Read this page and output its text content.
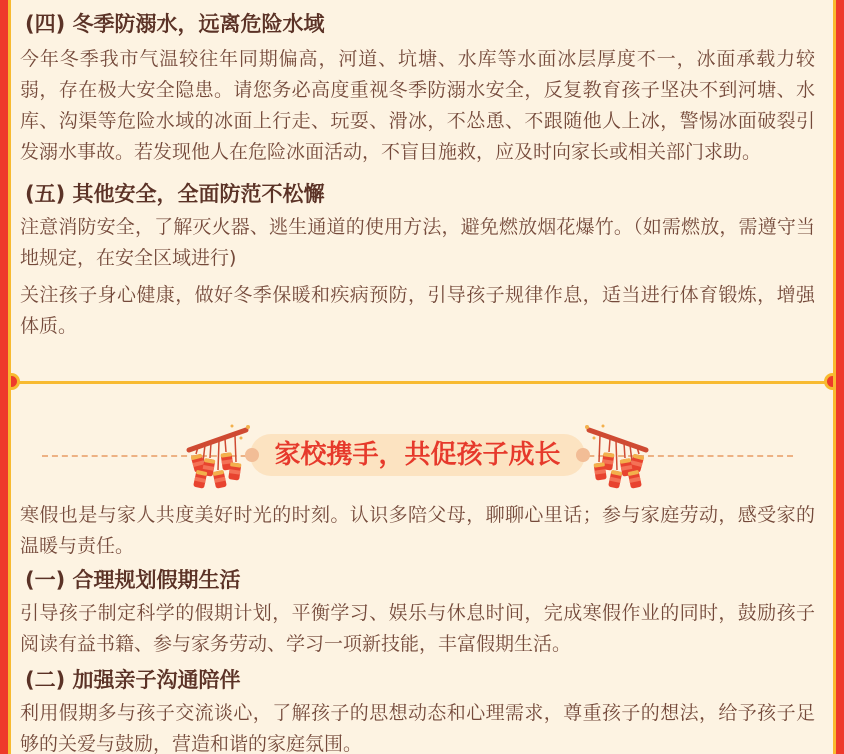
(四) 冬季防溺水，远离危险水域

今年冬季我市气温较往年同期偏高，河道、坑塘、水库等水面冰层厚度不一，冰面承载力较弱，存在极大安全隐患。请您务必高度重视冬季防溺水安全，反复教育孩子坚决不到河塘、水库、沟渠等危险水域的冰面上行走、玩耍、滑冰，不怂恿、不跟随他人上冰，警惕冰面破裂引发溺水事故。若发现他人在危险冰面活动，不盲目施救，应及时向家长或相关部门求助。

(五) 其他安全，全面防范不松懈

注意消防安全，了解灭火器、逃生通道的使用方法，避免燃放烟花爆竹。（如需燃放，需遵守当地规定，在安全区域进行)

关注孩子身心健康，做好冬季保暖和疾病预防，引导孩子规律作息，适当进行体育锻炼，增强体质。

家校携手，共促孩子成长

寒假也是与家人共度美好时光的时刻。认识多陪父母，聊聊心里话；参与家庭劳动，感受家的温暖与责任。

(一) 合理规划假期生活

引导孩子制定科学的假期计划，平衡学习、娱乐与休息时间，完成寒假作业的同时，鼓励孩子阅读有益书籍、参与家务劳动、学习一项新技能，丰富假期生活。

(二) 加强亲子沟通陪伴

利用假期多与孩子交流谈心，了解孩子的思想动态和心理需求，尊重孩子的想法，给予孩子足够的关爱与鼓励，营造和谐的家庭氛围。
